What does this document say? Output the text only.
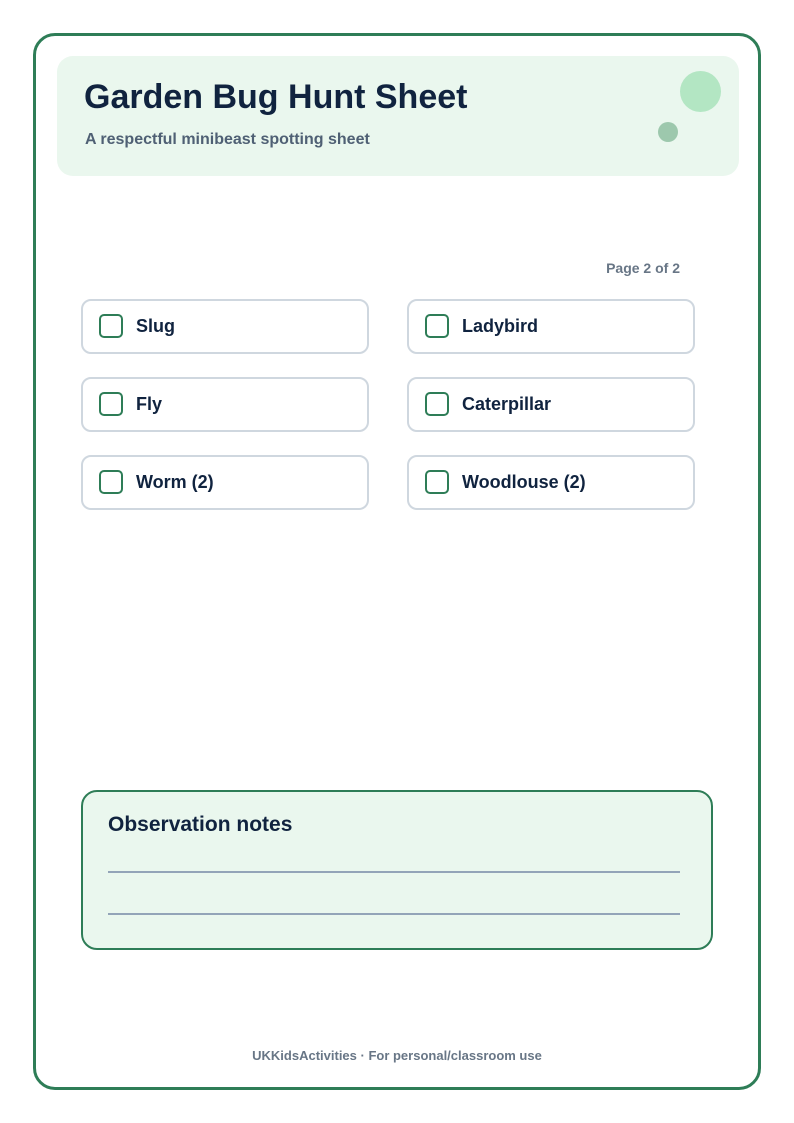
Garden Bug Hunt Sheet
A respectful minibeast spotting sheet
Page 2 of 2
Slug	Ladybird
Fly	Caterpillar
Worm (2)	Woodlouse (2)
Observation notes
UKKidsActivities · For personal/classroom use
